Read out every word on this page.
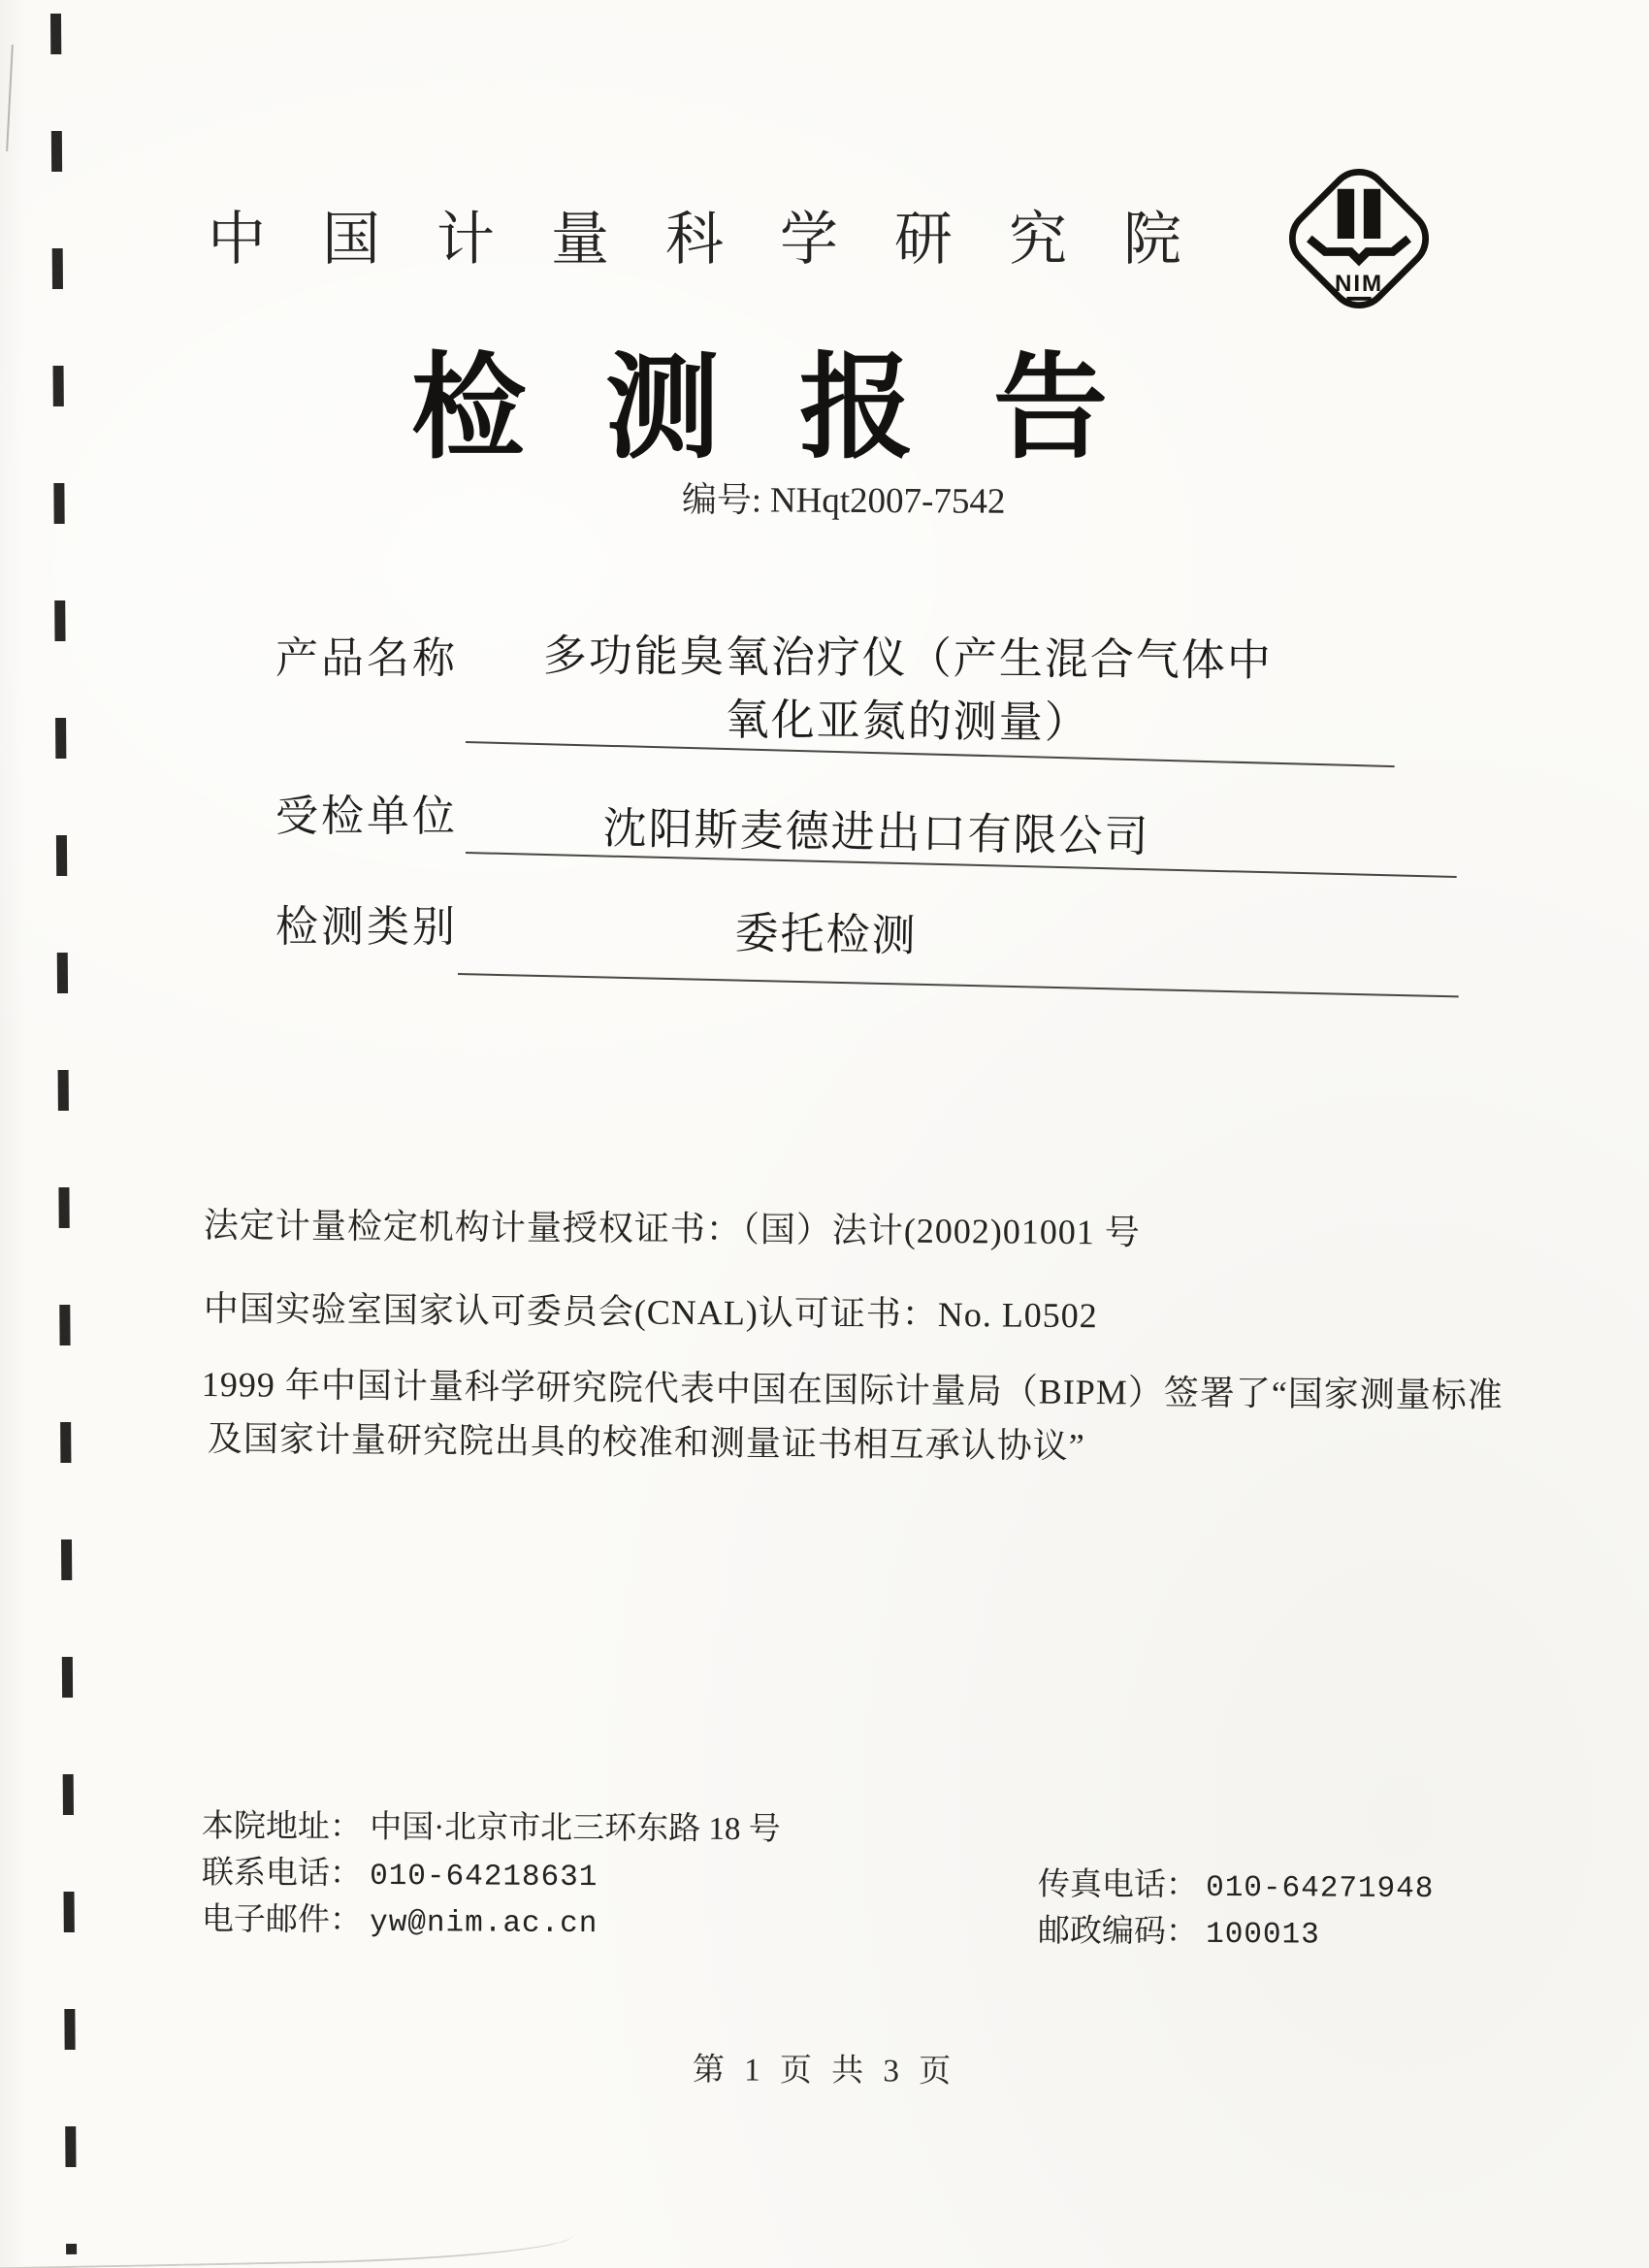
中国计量科学研究院
NIM
检测报告
编号: NHqt2007-7542
产品名称 多功能臭氧治疗仪（产生混合气体中
氧化亚氮的测量）
受检单位	沈阳斯麦德进出口有限公司
检测类别	委托检测
法定计量检定机构计量授权证书：（国）法计(2002)01001 号
中国实验室国家认可委员会(CNAL)认可证书：No. L0502
1999 年中国计量科学研究院代表中国在国际计量局（BIPM）签署了“国家测量标准
及国家计量研究院出具的校准和测量证书相互承认协议”
本院地址： 中国·北京市北三环东路 18 号
联系电话： 010-64218631
电子邮件： yw@nim.ac.cn
传真电话： 010-64271948
邮政编码： 100013
第 1 页 共 3 页
